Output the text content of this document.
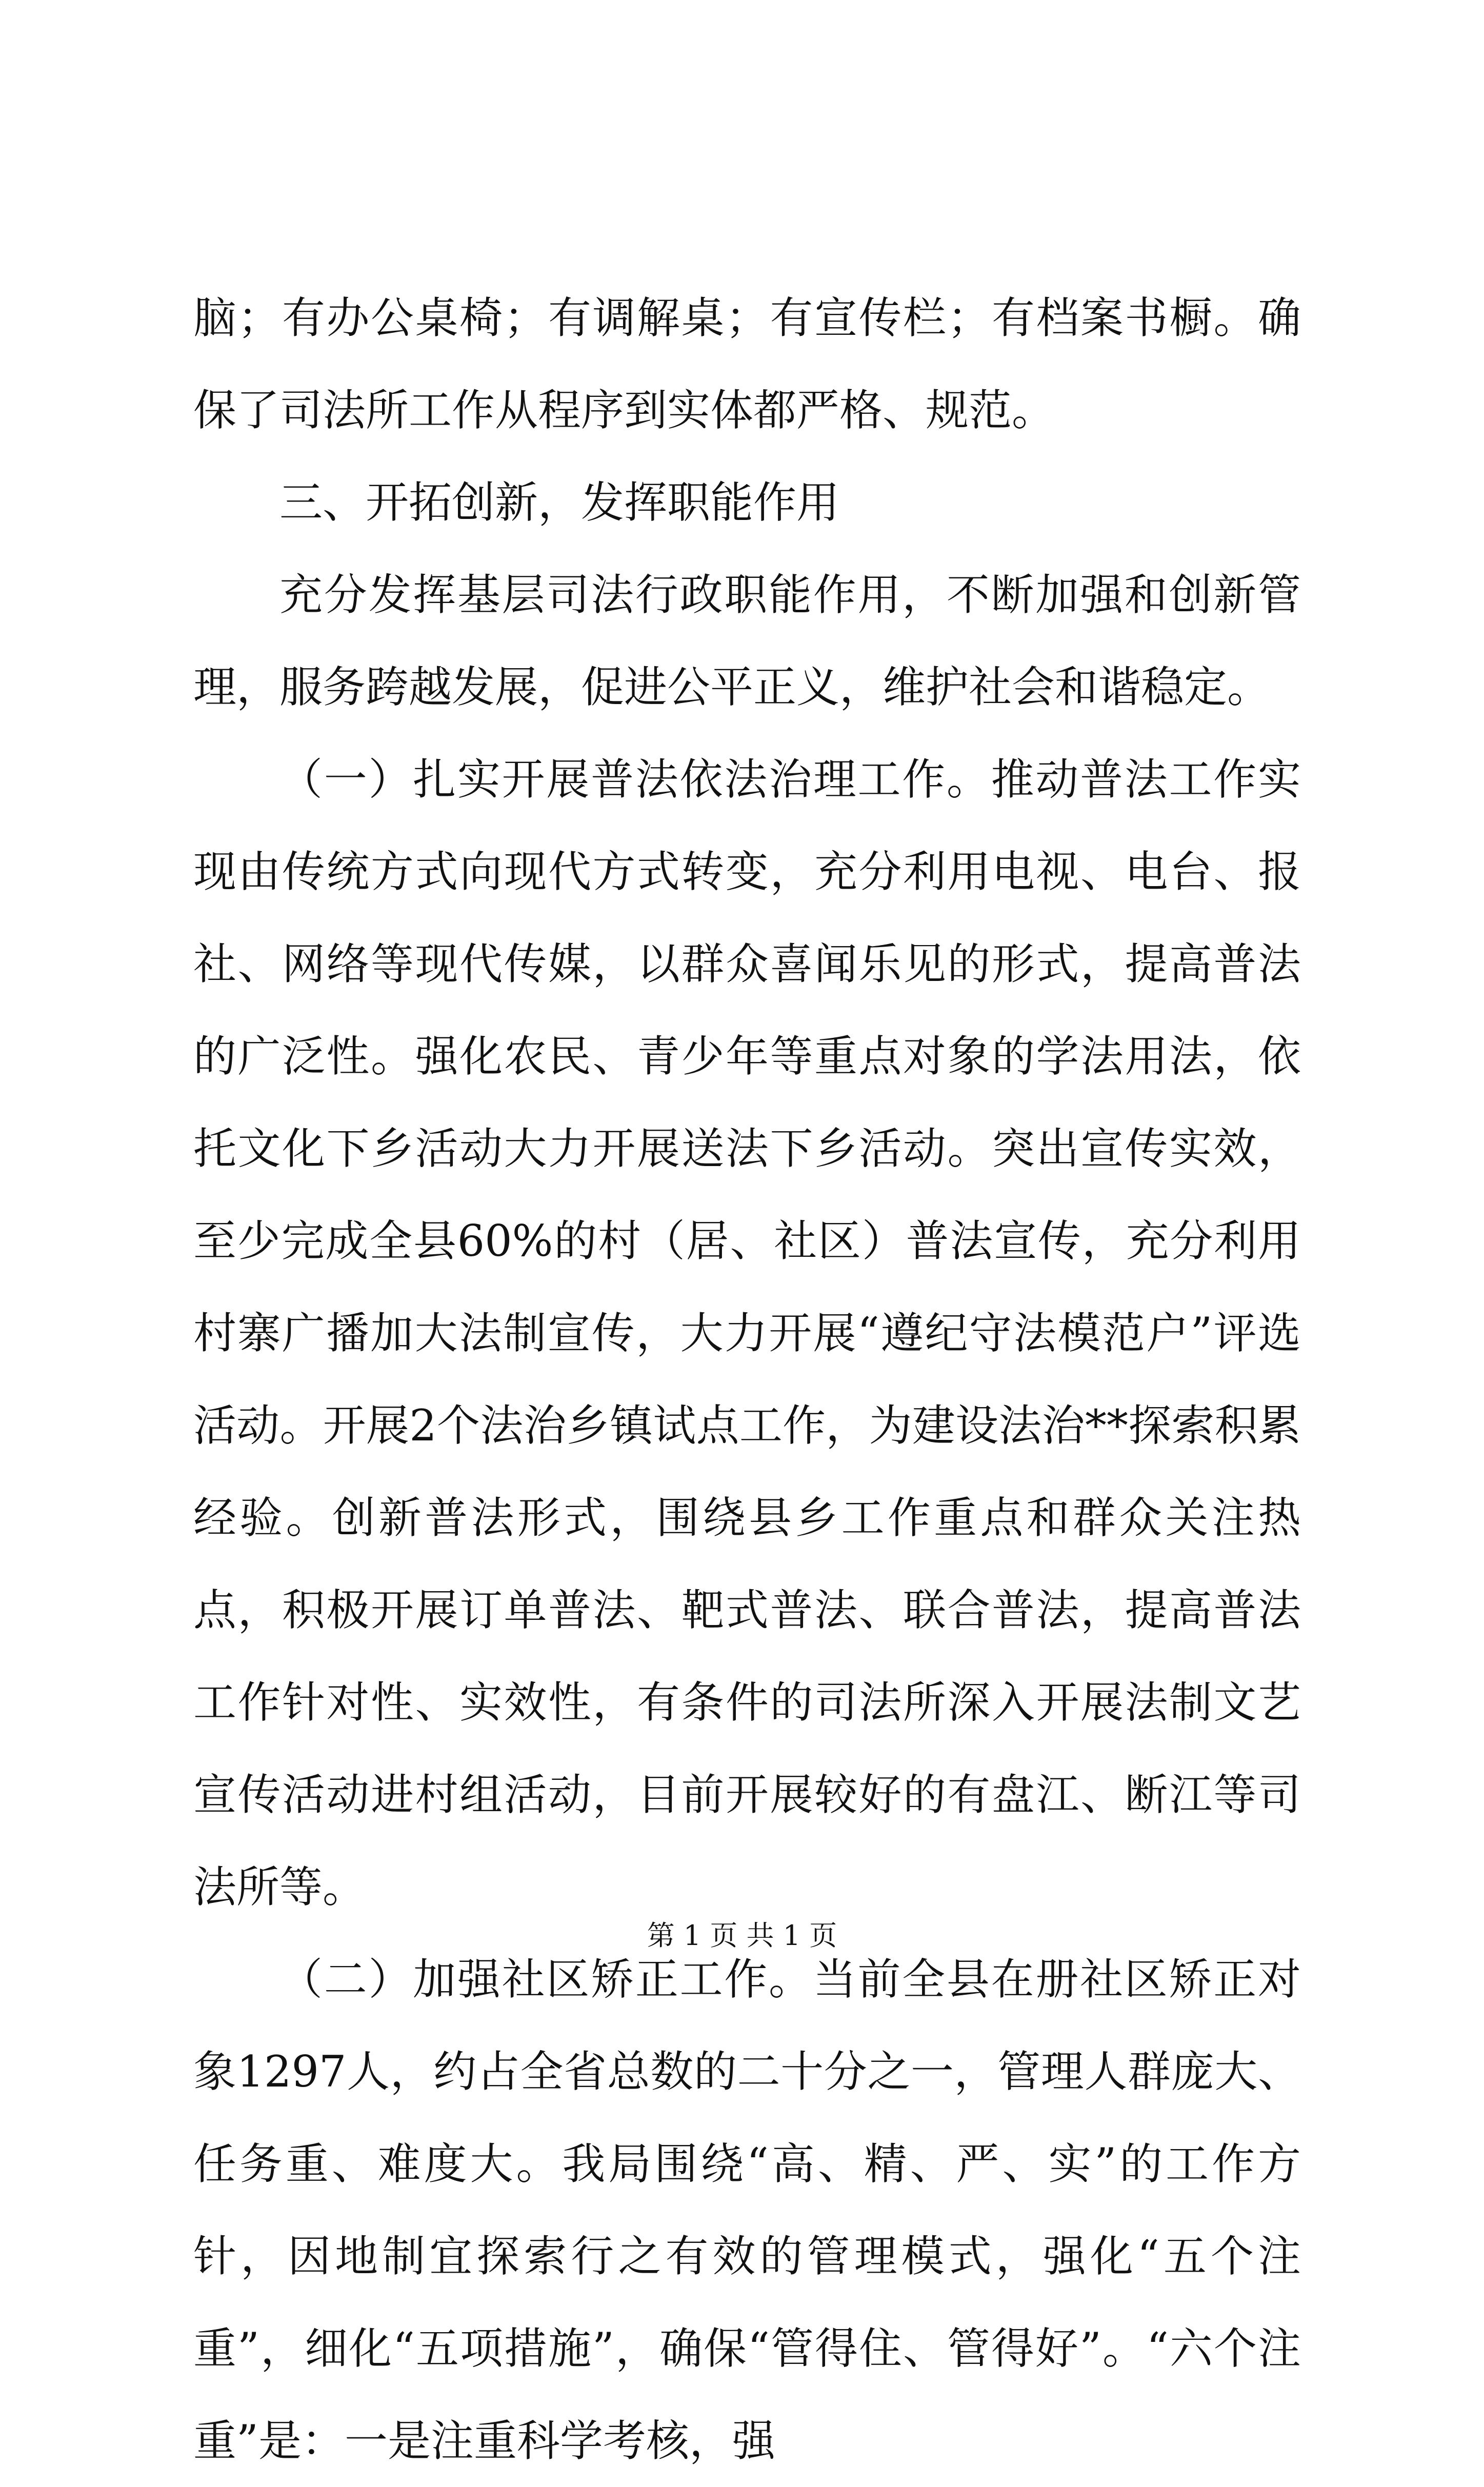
脑；有办公桌椅；有调解桌；有宣传栏；有档案书橱。确保了司法所工作从程序到实体都严格、规范。

三、开拓创新，发挥职能作用

充分发挥基层司法行政职能作用，不断加强和创新管理，服务跨越发展，促进公平正义，维护社会和谐稳定。

（一）扎实开展普法依法治理工作。推动普法工作实现由传统方式向现代方式转变，充分利用电视、电台、报社、网络等现代传媒，以群众喜闻乐见的形式，提高普法的广泛性。强化农民、青少年等重点对象的学法用法，依托文化下乡活动大力开展送法下乡活动。突出宣传实效，至少完成全县60%的村（居、社区）普法宣传，充分利用村寨广播加大法制宣传，大力开展“遵纪守法模范户”评选活动。开展2个法治乡镇试点工作，为建设法治**探索积累经验。创新普法形式，围绕县乡工作重点和群众关注热点，积极开展订单普法、靶式普法、联合普法，提高普法工作针对性、实效性，有条件的司法所深入开展法制文艺宣传活动进村组活动，目前开展较好的有盘江、断江等司法所等。

（二）加强社区矫正工作。当前全县在册社区矫正对象1297人，约占全省总数的二十分之一，管理人群庞大、任务重、难度大。我局围绕“高、精、严、实”的工作方针，因地制宜探索行之有效的管理模式，强化“五个注重”，细化“五项措施”，确保“管得住、管得好”。“六个注重”是：一是注重科学考核，强

第 1 页 共 1 页
